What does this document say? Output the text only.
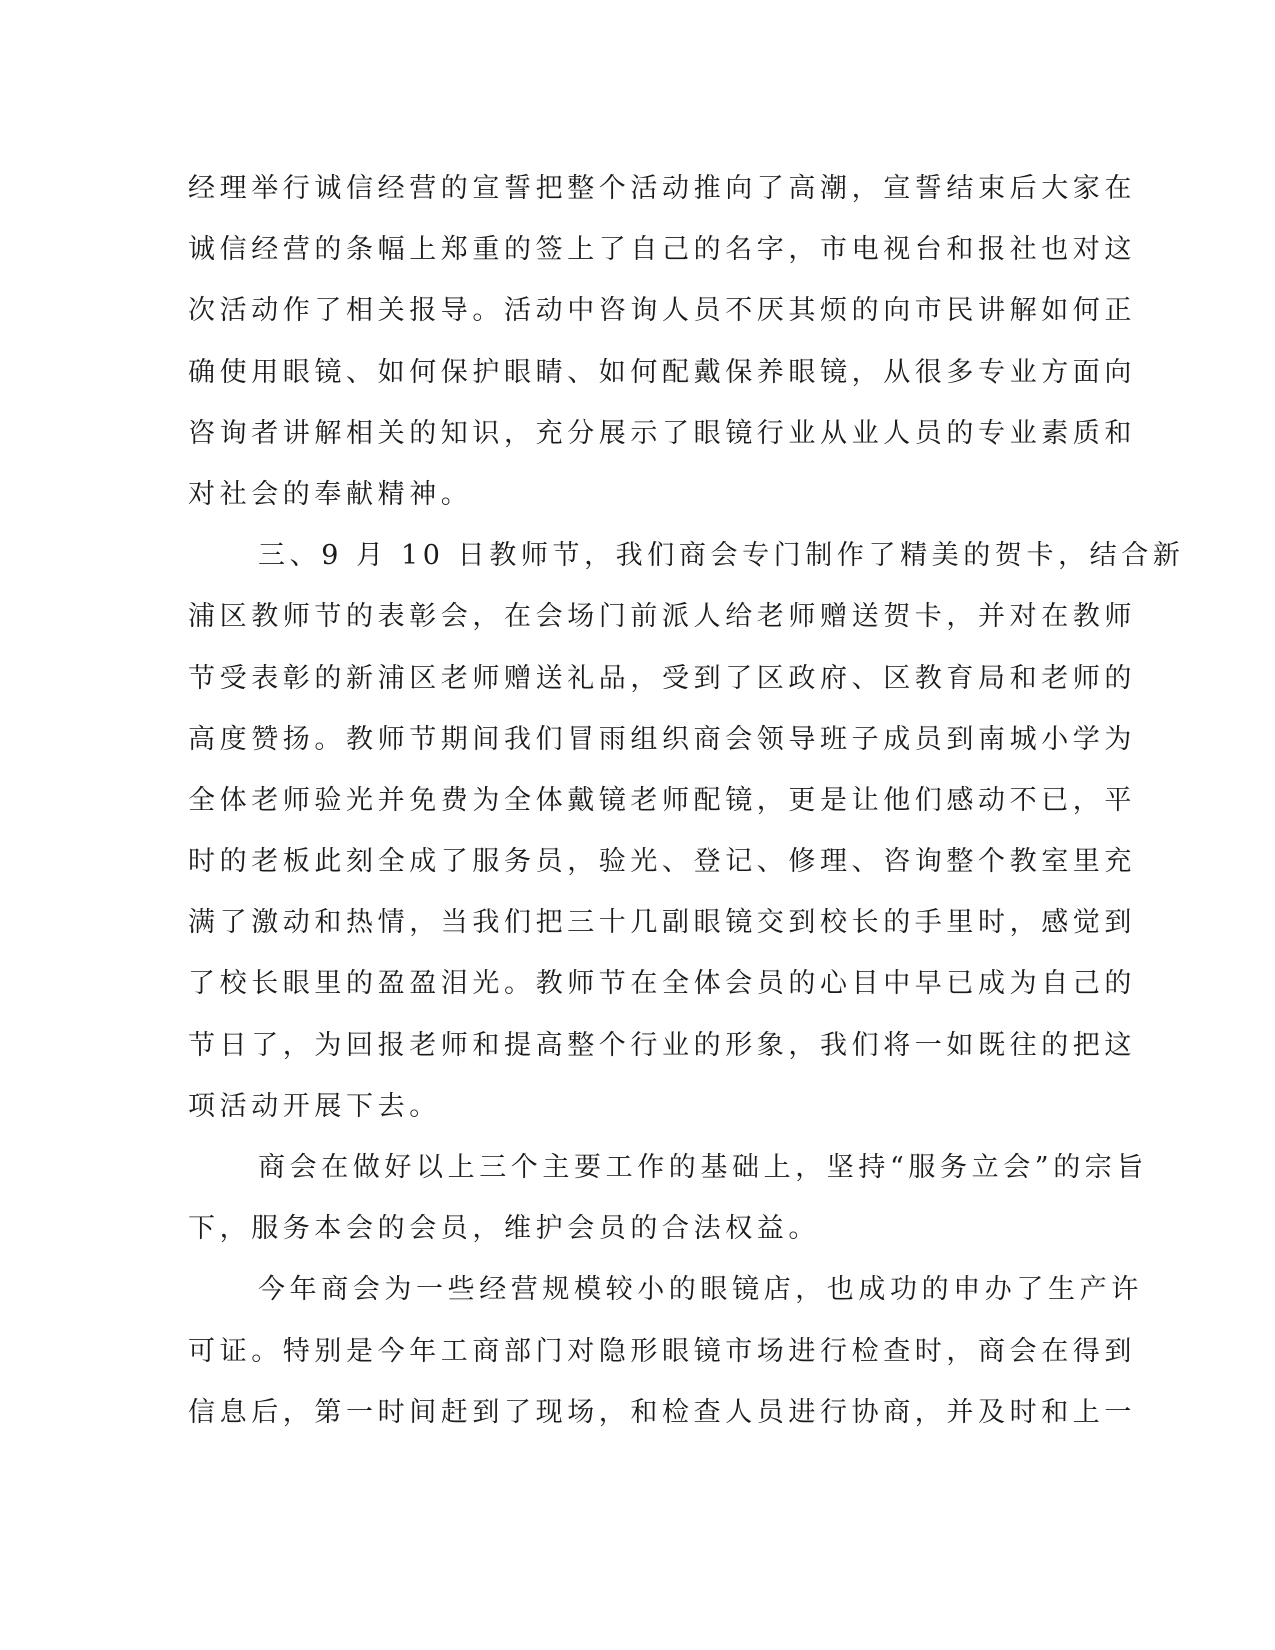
经理举行诚信经营的宣誓把整个活动推向了高潮，宣誓结束后大家在
诚信经营的条幅上郑重的签上了自己的名字，市电视台和报社也对这
次活动作了相关报导。活动中咨询人员不厌其烦的向市民讲解如何正
确使用眼镜、如何保护眼睛、如何配戴保养眼镜，从很多专业方面向
咨询者讲解相关的知识，充分展示了眼镜行业从业人员的专业素质和
对社会的奉献精神。
三、9 月 10 日教师节，我们商会专门制作了精美的贺卡，结合新
浦区教师节的表彰会，在会场门前派人给老师赠送贺卡，并对在教师
节受表彰的新浦区老师赠送礼品，受到了区政府、区教育局和老师的
高度赞扬。教师节期间我们冒雨组织商会领导班子成员到南城小学为
全体老师验光并免费为全体戴镜老师配镜，更是让他们感动不已，平
时的老板此刻全成了服务员，验光、登记、修理、咨询整个教室里充
满了激动和热情，当我们把三十几副眼镜交到校长的手里时，感觉到
了校长眼里的盈盈泪光。教师节在全体会员的心目中早已成为自己的
节日了，为回报老师和提高整个行业的形象，我们将一如既往的把这
项活动开展下去。
商会在做好以上三个主要工作的基础上，坚持“服务立会”的宗旨
下，服务本会的会员，维护会员的合法权益。
今年商会为一些经营规模较小的眼镜店，也成功的申办了生产许
可证。特别是今年工商部门对隐形眼镜市场进行检查时，商会在得到
信息后，第一时间赶到了现场，和检查人员进行协商，并及时和上一
